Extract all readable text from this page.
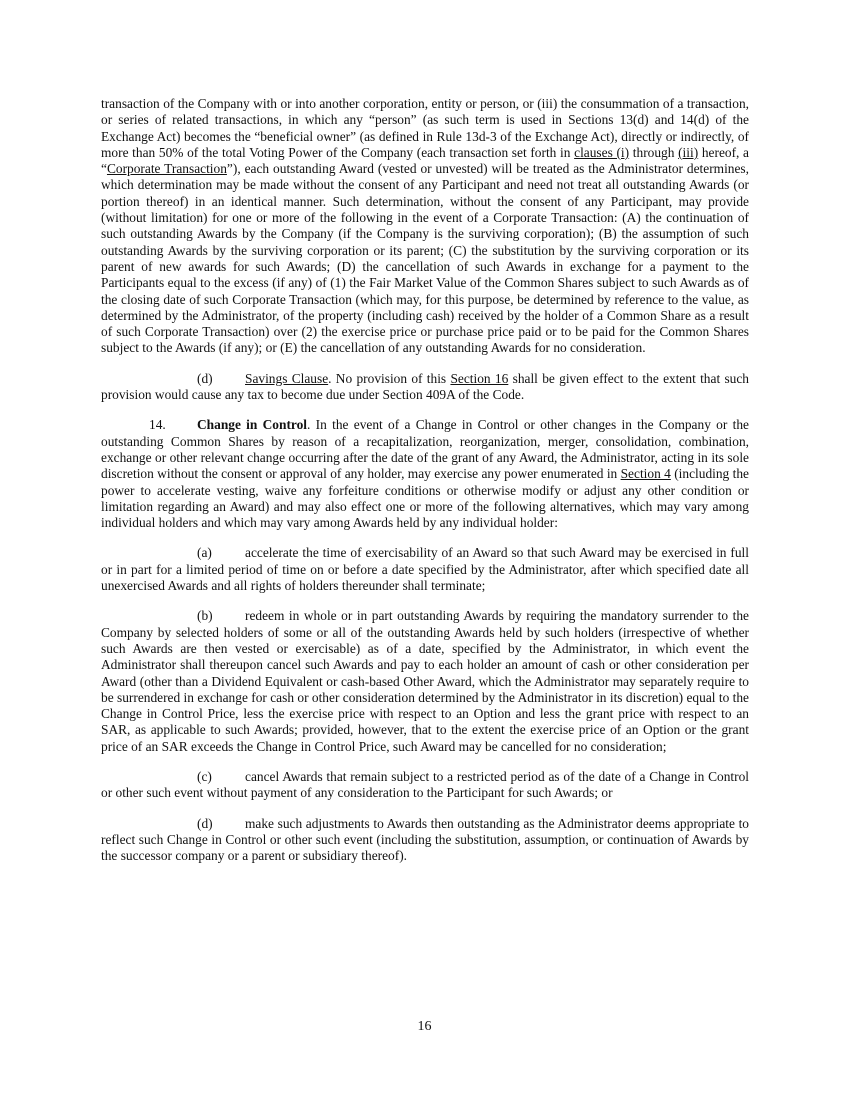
transaction of the Company with or into another corporation, entity or person, or (iii) the consummation of a transaction, or series of related transactions, in which any “person” (as such term is used in Sections 13(d) and 14(d) of the Exchange Act) becomes the “beneficial owner” (as defined in Rule 13d-3 of the Exchange Act), directly or indirectly, of more than 50% of the total Voting Power of the Company (each transaction set forth in clauses (i) through (iii) hereof, a “Corporate Transaction”), each outstanding Award (vested or unvested) will be treated as the Administrator determines, which determination may be made without the consent of any Participant and need not treat all outstanding Awards (or portion thereof) in an identical manner. Such determination, without the consent of any Participant, may provide (without limitation) for one or more of the following in the event of a Corporate Transaction: (A) the continuation of such outstanding Awards by the Company (if the Company is the surviving corporation); (B) the assumption of such outstanding Awards by the surviving corporation or its parent; (C) the substitution by the surviving corporation or its parent of new awards for such Awards; (D) the cancellation of such Awards in exchange for a payment to the Participants equal to the excess (if any) of (1) the Fair Market Value of the Common Shares subject to such Awards as of the closing date of such Corporate Transaction (which may, for this purpose, be determined by reference to the value, as determined by the Administrator, of the property (including cash) received by the holder of a Common Share as a result of such Corporate Transaction) over (2) the exercise price or purchase price paid or to be paid for the Common Shares subject to the Awards (if any); or (E) the cancellation of any outstanding Awards for no consideration.

(d) Savings Clause. No provision of this Section 16 shall be given effect to the extent that such provision would cause any tax to become due under Section 409A of the Code.

14. Change in Control. In the event of a Change in Control or other changes in the Company or the outstanding Common Shares by reason of a recapitalization, reorganization, merger, consolidation, combination, exchange or other relevant change occurring after the date of the grant of any Award, the Administrator, acting in its sole discretion without the consent or approval of any holder, may exercise any power enumerated in Section 4 (including the power to accelerate vesting, waive any forfeiture conditions or otherwise modify or adjust any other condition or limitation regarding an Award) and may also effect one or more of the following alternatives, which may vary among individual holders and which may vary among Awards held by any individual holder:

(a) accelerate the time of exercisability of an Award so that such Award may be exercised in full or in part for a limited period of time on or before a date specified by the Administrator, after which specified date all unexercised Awards and all rights of holders thereunder shall terminate;

(b) redeem in whole or in part outstanding Awards by requiring the mandatory surrender to the Company by selected holders of some or all of the outstanding Awards held by such holders (irrespective of whether such Awards are then vested or exercisable) as of a date, specified by the Administrator, in which event the Administrator shall thereupon cancel such Awards and pay to each holder an amount of cash or other consideration per Award (other than a Dividend Equivalent or cash-based Other Award, which the Administrator may separately require to be surrendered in exchange for cash or other consideration determined by the Administrator in its discretion) equal to the Change in Control Price, less the exercise price with respect to an Option and less the grant price with respect to an SAR, as applicable to such Awards; provided, however, that to the extent the exercise price of an Option or the grant price of an SAR exceeds the Change in Control Price, such Award may be cancelled for no consideration;

(c) cancel Awards that remain subject to a restricted period as of the date of a Change in Control or other such event without payment of any consideration to the Participant for such Awards; or

(d) make such adjustments to Awards then outstanding as the Administrator deems appropriate to reflect such Change in Control or other such event (including the substitution, assumption, or continuation of Awards by the successor company or a parent or subsidiary thereof).

16
